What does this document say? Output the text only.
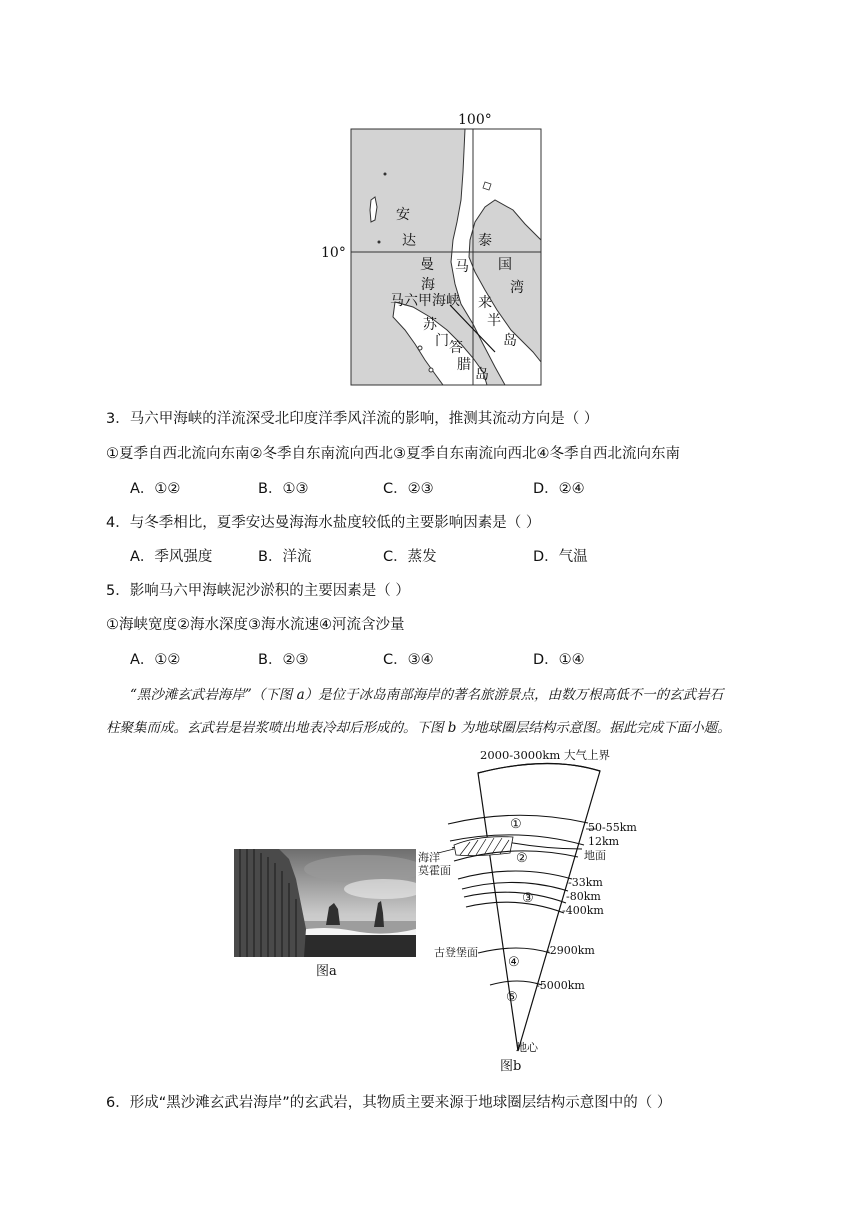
100°
10°
安
达
曼
海
泰
国
湾
马
来
半
岛
马六甲海峡
苏
门 答
腊
岛
3．马六甲海峡的洋流深受北印度洋季风洋流的影响，推测其流动方向是（ ）
①夏季自西北流向东南②冬季自东南流向西北③夏季自东南流向西北④冬季自西北流向东南
A．①②	B．①③	C．②③	D．②④
4．与冬季相比，夏季安达曼海海水盐度较低的主要影响因素是（ ）
A．季风强度	B．洋流	C．蒸发	D．气温
5．影响马六甲海峡泥沙淤积的主要因素是（ ）
①海峡宽度②海水深度③海水流速④河流含沙量
A．①②	B．②③	C．③④	D．①④
“黑沙滩玄武岩海岸”（下图 a）是位于冰岛南部海岸的著名旅游景点，由数万根高低不一的玄武岩石
柱聚集而成。玄武岩是岩浆喷出地表冷却后形成的。下图 b 为地球圈层结构示意图。据此完成下面小题。
图a
2000-3000km 大气上界
①
②
③
④
⑤
50-55km
12km
地面
海洋
莫霍面
-33km
-80km
-400km
古登堡面	-2900km
-5000km
地心
图b
6．形成“黑沙滩玄武岩海岸”的玄武岩，其物质主要来源于地球圈层结构示意图中的（ ）
